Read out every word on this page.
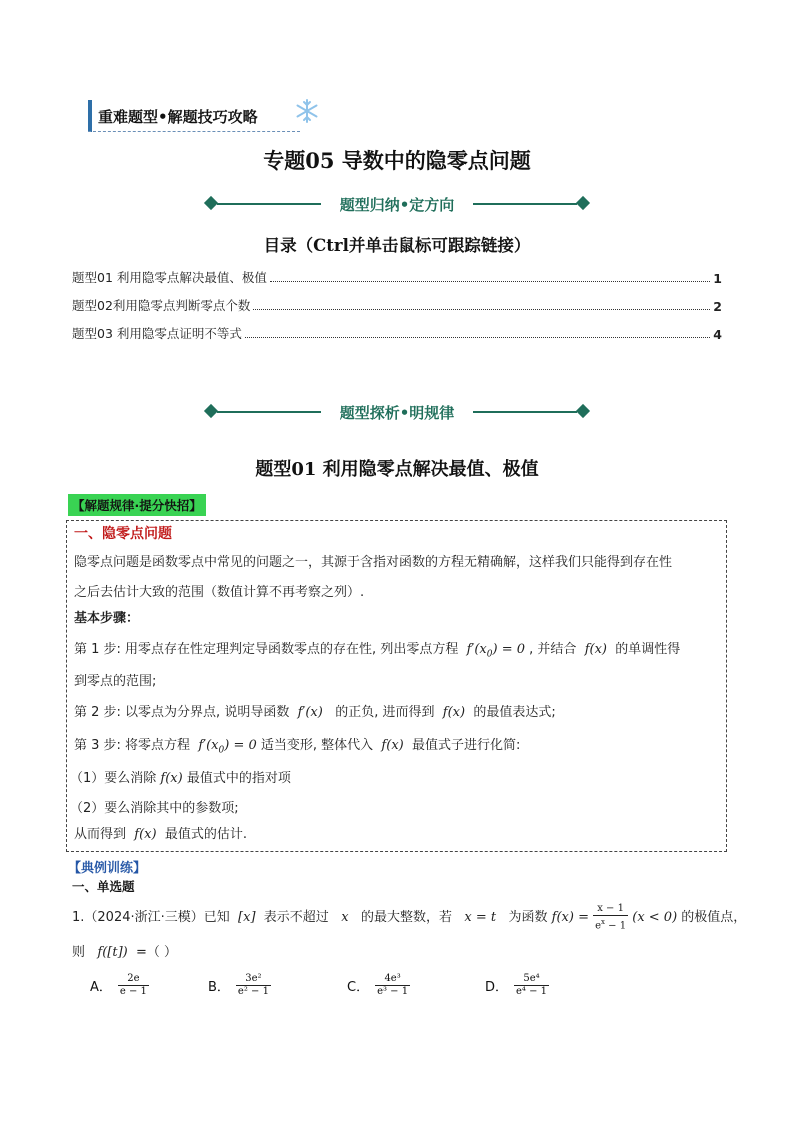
重难题型•解题技巧攻略
专题05 导数中的隐零点问题
题型归纳•定方向
目录（Ctrl并单击鼠标可跟踪链接）
题型01 利用隐零点解决最值、极值	1
题型02利用隐零点判断零点个数	2
题型03 利用隐零点证明不等式	4
题型探析•明规律
题型01 利用隐零点解决最值、极值
【解题规律·提分快招】
一、隐零点问题
隐零点问题是函数零点中常见的问题之一，其源于含指对函数的方程无精确解，这样我们只能得到存在性
之后去估计大致的范围（数值计算不再考察之列）.
基本步骤：
第 1 步: 用零点存在性定理判定导函数零点的存在性, 列出零点方程  $f'(x_0) = 0$ , 并结合  f(x)  的单调性得
到零点的范围;
第 2 步: 以零点为分界点, 说明导函数  f′(x)   的正负, 进而得到  f(x)  的最值表达式;
第 3 步: 将零点方程  $f'(x_0) = 0$ 适当变形, 整体代入  f(x)  最值式子进行化简:
（1）要么消除 f(x) 最值式中的指对项
（2）要么消除其中的参数项;
从而得到  f(x)  最值式的估计.
【典例训练】
一、单选题
1.（2024·浙江·三模）已知  [x]  表示不超过   x   的最大整数，若   x = t   为函数 $f(x) = \frac{x - 1}{e^x - 1} (x < 0)$ 的极值点，
则   f([t])  =（ ）
A． $\frac{2e}{e - 1}$	B． $\frac{\text{3e²}}{\text{e² − 1}}$	C． $\frac{\text{4e³}}{\text{e³ − 1}}$	D． $\frac{\text{5e⁴}}{\text{e⁴ − 1}}$
